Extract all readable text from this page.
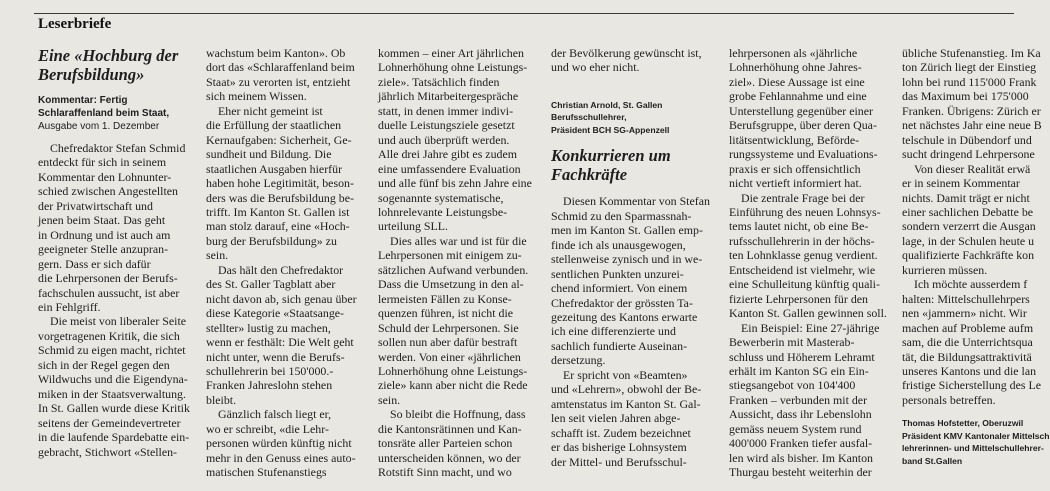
Leserbriefe
Eine «Hochburg der Berufsbildung»
Kommentar: Fertig Schlaraffenland beim Staat,
Ausgabe vom 1. Dezember
Chefredaktor Stefan Schmid
entdeckt für sich in seinem
Kommentar den Lohnunter-
schied zwischen Angestellten
der Privatwirtschaft und
jenen beim Staat. Das geht
in Ordnung und ist auch am
geeigneter Stelle anzupran-
gern. Dass er sich dafür
die Lehrpersonen der Berufs-
fachschulen aussucht, ist aber
ein Fehlgriff.
Die meist von liberaler Seite
vorgetragenen Kritik, die sich
Schmid zu eigen macht, richtet
sich in der Regel gegen den
Wildwuchs und die Eigendyna-
miken in der Staatsverwaltung.
In St. Gallen wurde diese Kritik
seitens der Gemeindevertreter
in die laufende Spardebatte ein-
gebracht, Stichwort «Stellen-
wachstum beim Kanton». Ob
dort das «Schlaraffenland beim
Staat» zu verorten ist, entzieht
sich meinem Wissen.
Eher nicht gemeint ist
die Erfüllung der staatlichen
Kernaufgaben: Sicherheit, Ge-
sundheit und Bildung. Die
staatlichen Ausgaben hierfür
haben hohe Legitimität, beson-
ders was die Berufsbildung be-
trifft. Im Kanton St. Gallen ist
man stolz darauf, eine «Hoch-
burg der Berufsbildung» zu
sein.
Das hält den Chefredaktor
des St. Galler Tagblatt aber
nicht davon ab, sich genau über
diese Kategorie «Staatsange-
stellter» lustig zu machen,
wenn er festhält: Die Welt geht
nicht unter, wenn die Berufs-
schullehrerin bei 150'000.-
Franken Jahreslohn stehen
bleibt.
Gänzlich falsch liegt er,
wo er schreibt, «die Lehr-
personen würden künftig nicht
mehr in den Genuss eines auto-
matischen Stufenanstiegs
kommen – einer Art jährlichen
Lohnerhöhung ohne Leistungs-
ziele». Tatsächlich finden
jährlich Mitarbeitergespräche
statt, in denen immer indivi-
duelle Leistungsziele gesetzt
und auch überprüft werden.
Alle drei Jahre gibt es zudem
eine umfassendere Evaluation
und alle fünf bis zehn Jahre eine
sogenannte systematische,
lohnrelevante Leistungsbe-
urteilung SLL.
Dies alles war und ist für die
Lehrpersonen mit einigem zu-
sätzlichen Aufwand verbunden.
Dass die Umsetzung in den al-
lermeisten Fällen zu Konse-
quenzen führen, ist nicht die
Schuld der Lehrpersonen. Sie
sollen nun aber dafür bestraft
werden. Von einer «jährlichen
Lohnerhöhung ohne Leistungs-
ziele» kann aber nicht die Rede
sein.
So bleibt die Hoffnung, dass
die Kantonsrätinnen und Kan-
tonsräte aller Parteien schon
unterscheiden können, wo der
Rotstift Sinn macht, und wo
der Bevölkerung gewünscht ist,
und wo eher nicht.
Christian Arnold, St. Gallen
Berufsschullehrer,
Präsident BCH SG-Appenzell
Konkurrieren um Fachkräfte
Diesen Kommentar von Stefan
Schmid zu den Sparmassnah-
men im Kanton St. Gallen emp-
finde ich als unausgewogen,
stellenweise zynisch und in we-
sentlichen Punkten unzurei-
chend informiert. Von einem
Chefredaktor der grössten Ta-
gezeitung des Kantons erwarte
ich eine differenzierte und
sachlich fundierte Auseinan-
dersetzung.
Er spricht von «Beamten»
und «Lehrern», obwohl der Be-
amtenstatus im Kanton St. Gal-
len seit vielen Jahren abge-
schafft ist. Zudem bezeichnet
er das bisherige Lohnsystem
der Mittel- und Berufsschul-
lehrpersonen als «jährliche
Lohnerhöhung ohne Jahres-
ziel». Diese Aussage ist eine
grobe Fehlannahme und eine
Unterstellung gegenüber einer
Berufsgruppe, über deren Qua-
litätsentwicklung, Beförde-
rungssysteme und Evaluations-
praxis er sich offensichtlich
nicht vertieft informiert hat.
Die zentrale Frage bei der
Einführung des neuen Lohnsys-
tems lautet nicht, ob eine Be-
rufsschullehrerin in der höchs-
ten Lohnklasse genug verdient.
Entscheidend ist vielmehr, wie
eine Schulleitung künftig quali-
fizierte Lehrpersonen für den
Kanton St. Gallen gewinnen soll.
Ein Beispiel: Eine 27-jährige
Bewerberin mit Masterab-
schluss und Höherem Lehramt
erhält im Kanton SG ein Ein-
stiegsangebot von 104'400
Franken – verbunden mit der
Aussicht, dass ihr Lebenslohn
gemäss neuem System rund
400'000 Franken tiefer ausfal-
len wird als bisher. Im Kanton
Thurgau besteht weiterhin der
übliche Stufenanstieg. Im Ka
ton Zürich liegt der Einstieg
lohn bei rund 115'000 Frank
das Maximum bei 175'000
Franken. Übrigens: Zürich er
net nächstes Jahr eine neue B
telschule in Dübendorf und
sucht dringend Lehrpersone
Von dieser Realität erwä
er in seinem Kommentar
nichts. Damit trägt er nicht
einer sachlichen Debatte be
sondern verzerrt die Ausgan
lage, in der Schulen heute u
qualifizierte Fachkräfte kon
kurrieren müssen.
Ich möchte ausserdem f
halten: Mittelschullehrpers
nen «jammern» nicht. Wir
machen auf Probleme aufm
sam, die die Unterrichtsqua
tät, die Bildungsattraktivitä
unseres Kantons und die lan
fristige Sicherstellung des Le
personals betreffen.
Thomas Hofstetter, Oberuzwil
Präsident KMV Kantonaler Mittelsch
lehrerinnen- und Mittelschullehrer-
band St.Gallen
